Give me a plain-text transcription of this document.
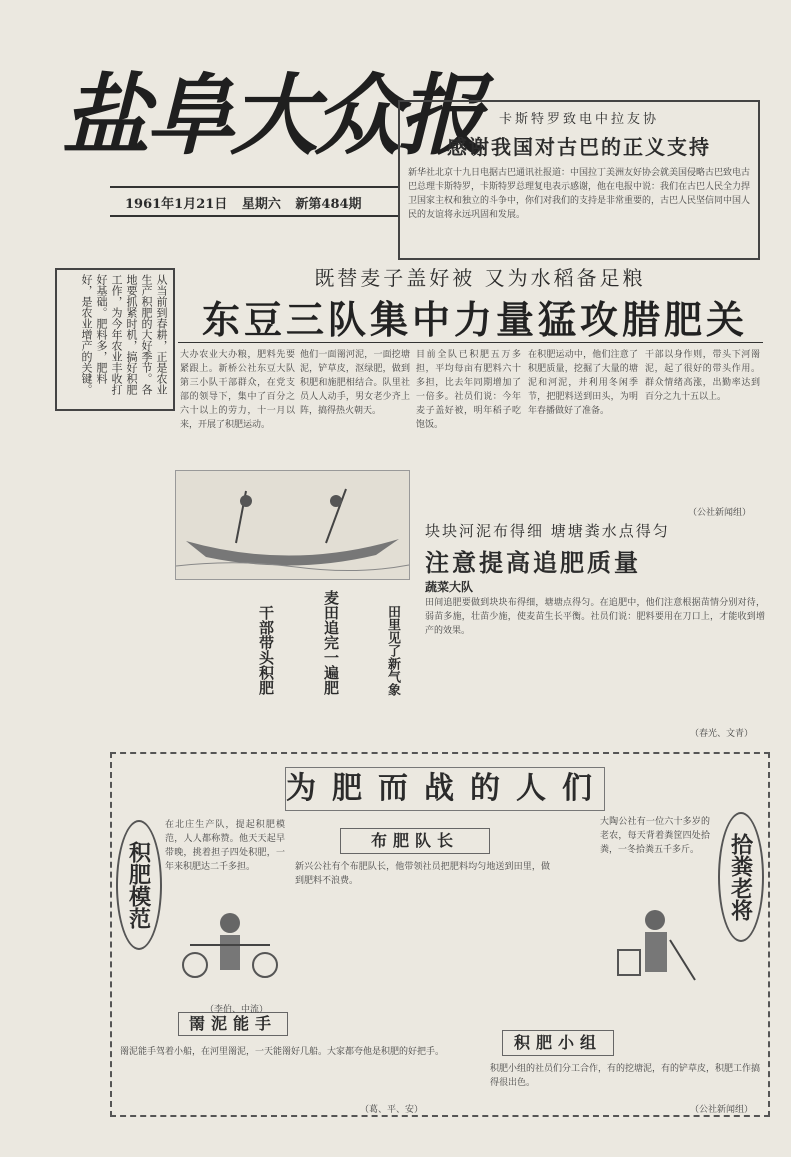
盐阜大众报
1961年1月21日 星期六 新第484期
卡斯特罗致电中拉友协
感谢我国对古巴的正义支持
新华社北京十九日电据古巴通讯社报道：中国拉丁美洲友好协会就美国侵略古巴致电古巴总理卡斯特罗，卡斯特罗总理复电表示感谢，他在电报中说：我们在古巴人民全力捍卫国家主权和独立的斗争中，你们对我们的支持是非常重要的，古巴人民坚信同中国人民的友谊将永远巩固和发展。
从当前到春耕，正是农业生产积肥的大好季节。各地要抓紧时机，搞好积肥工作，为今年农业丰收打好基础。肥料多，肥料好，是农业增产的关键。	既替麦子盖好被 又为水稻备足粮
东豆三队集中力量猛攻腊肥关
大办农业大办粮，肥料先要紧跟上。新桥公社东豆大队第三小队干部群众，在党支部的领导下，集中了百分之六十以上的劳力，十一月以来，开展了积肥运动。
他们一面罱河泥，一面挖塘泥，铲草皮，沤绿肥，做到积肥和施肥相结合。队里社员人人动手，男女老少齐上阵，搞得热火朝天。
目前全队已积肥五万多担，平均每亩有肥料六十多担，比去年同期增加了一倍多。社员们说：今年麦子盖好被，明年稻子吃饱饭。
在积肥运动中，他们注意了积肥质量，挖掘了大量的塘泥和河泥，并利用冬闲季节，把肥料送到田头，为明年春播做好了准备。
干部以身作则，带头下河罱泥，起了很好的带头作用。群众情绪高涨，出勤率达到百分之九十五以上。
（公社新闻组）
块块河泥布得细 塘塘粪水点得匀
蔬菜大队
注意提高追肥质量
田间追肥要做到块块布得细，塘塘点得匀。在追肥中，他们注意根据苗情分别对待，弱苗多施，壮苗少施，使麦苗生长平衡。社员们说：肥料要用在刀口上，才能收到增产的效果。
（春光、文青）
干部带头积肥	麦田追完一遍肥	田里见了新气象
为肥而战的人们
积肥模范	拾粪老将
布肥队长
罱泥能手
积肥小组
在北庄生产队，提起积肥模范，人人都称赞。他天天起早带晚，挑着担子四处积肥，一年来积肥达二千多担。	新兴公社有个布肥队长，他带领社员把肥料均匀地送到田里，做到肥料不浪费。
大陶公社有一位六十多岁的老农，每天背着粪筐四处拾粪，一冬拾粪五千多斤。
罱泥能手驾着小船，在河里罱泥，一天能罱好几船。大家都夸他是积肥的好把手。
积肥小组的社员们分工合作，有的挖塘泥，有的铲草皮，积肥工作搞得很出色。
（李伯、中流）
（葛、平、安）	（公社新闻组）
